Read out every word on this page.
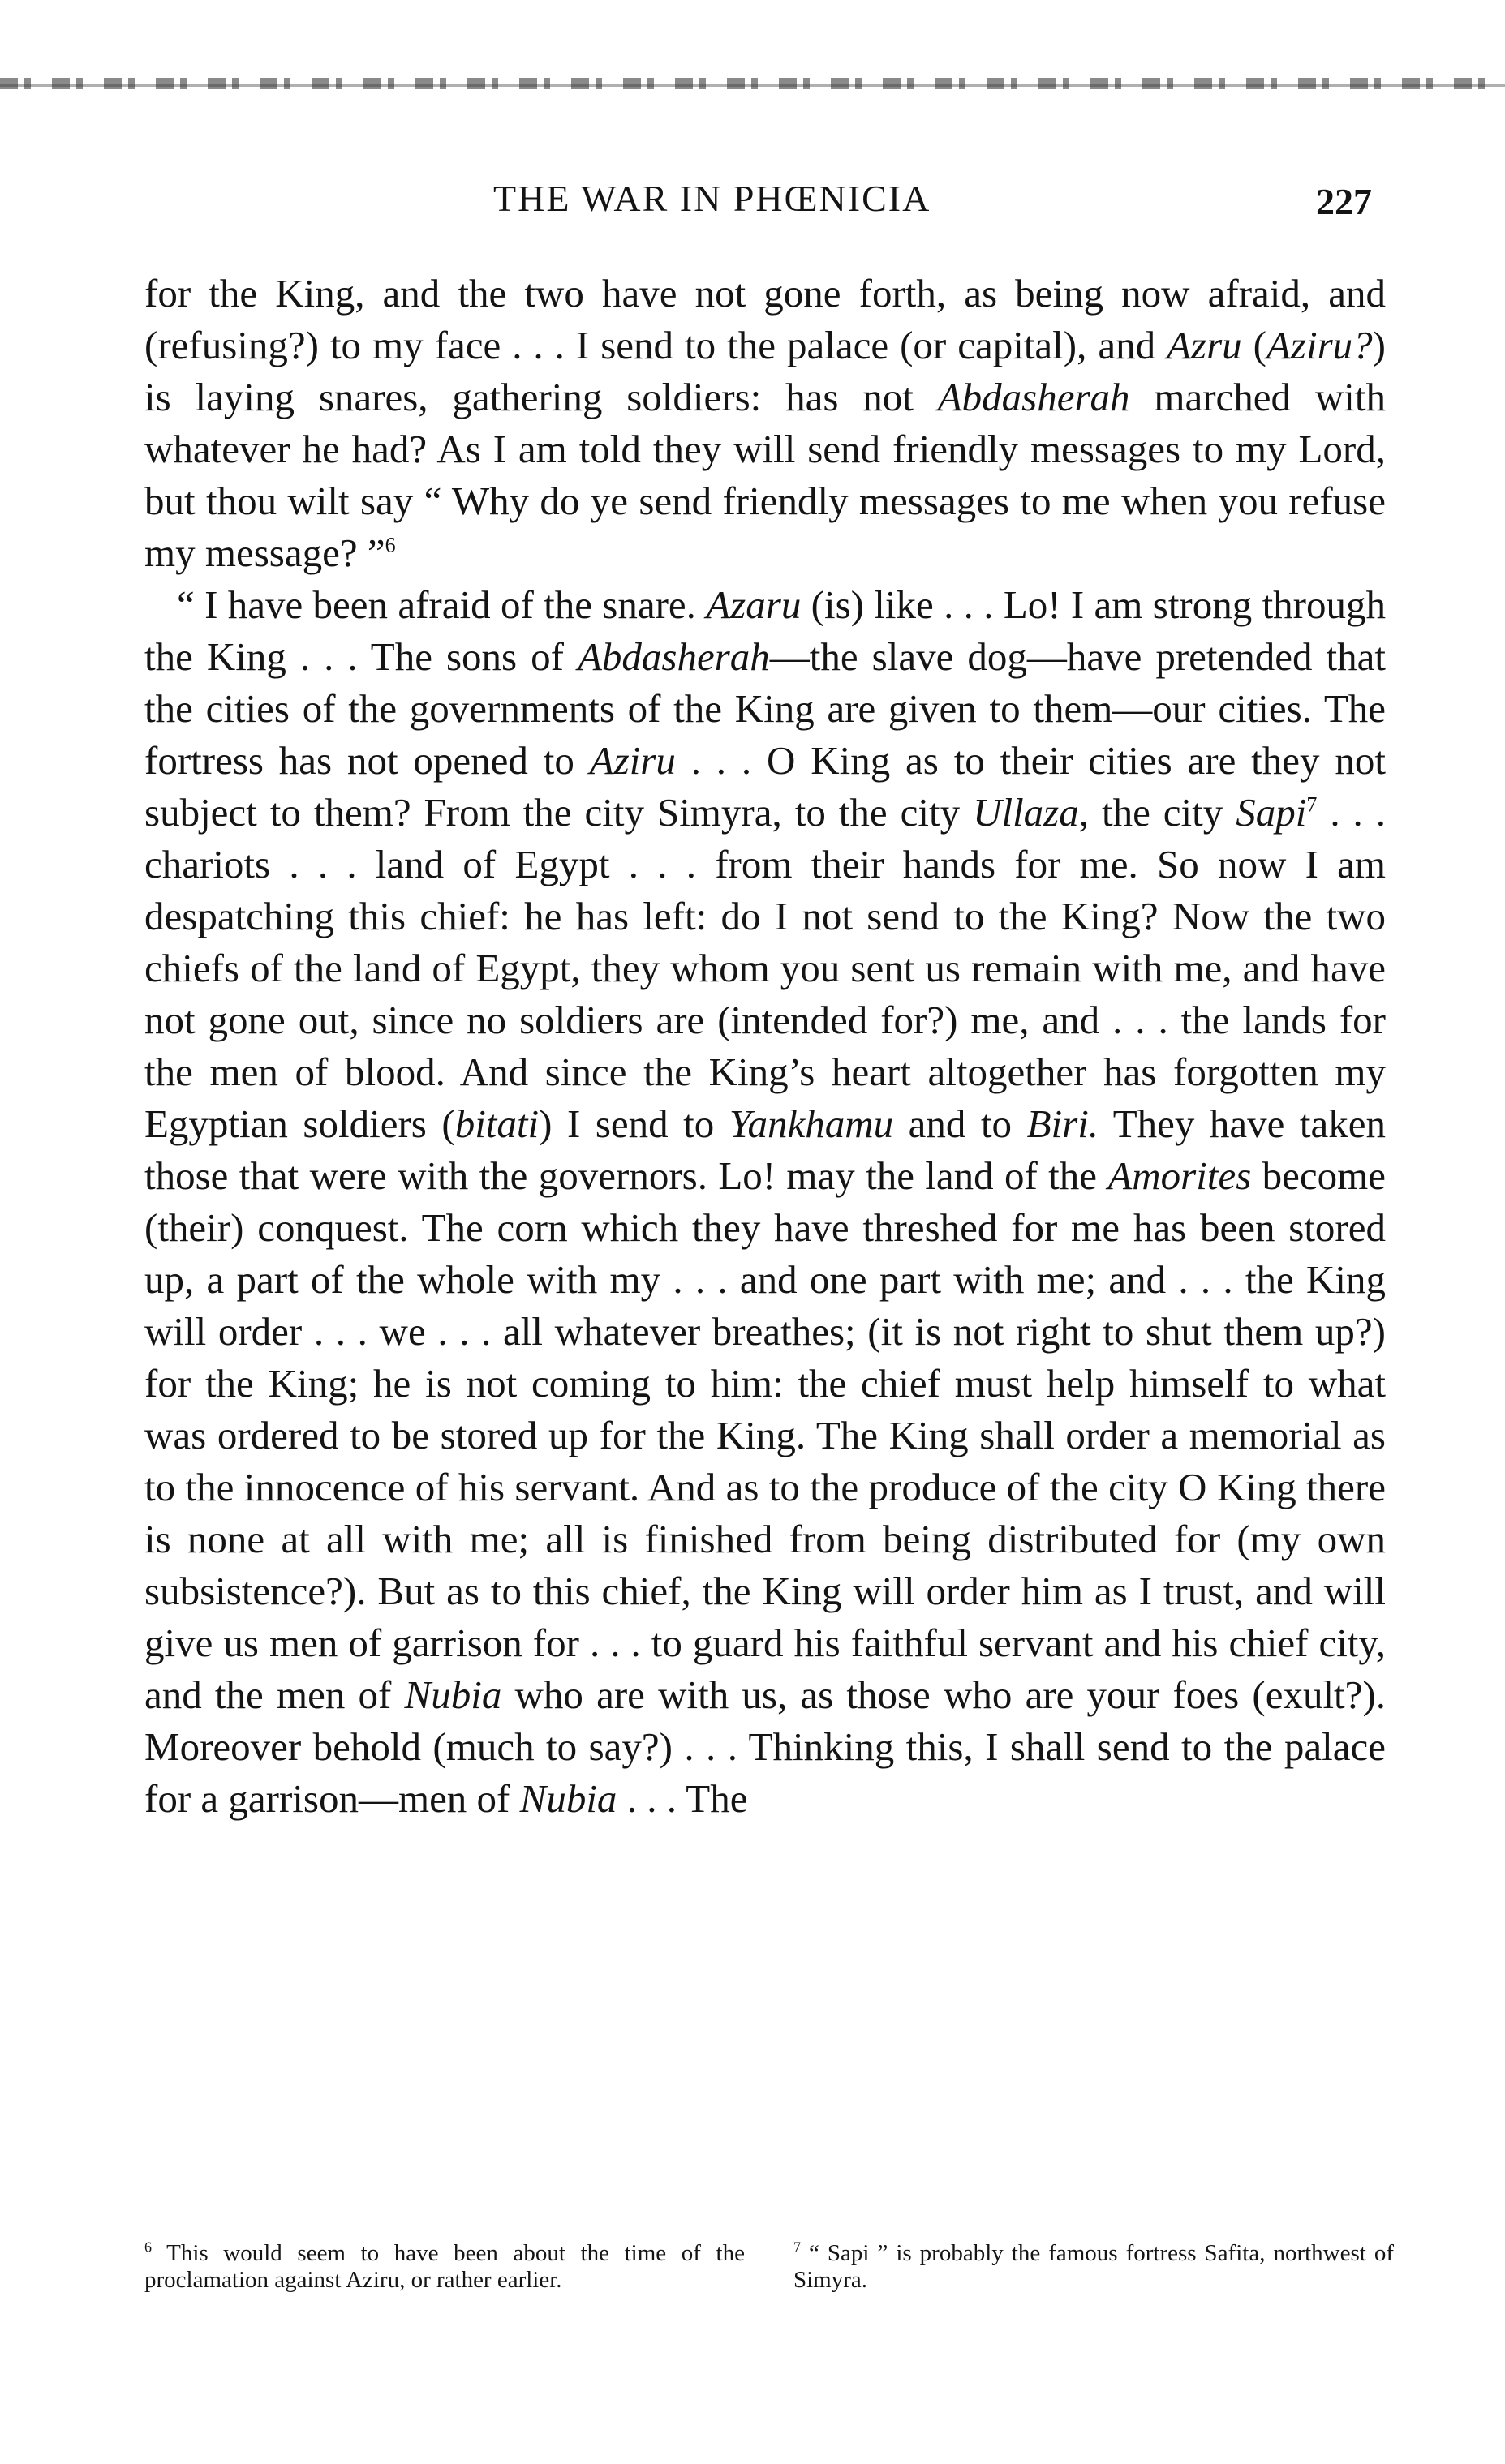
THE WAR IN PHŒNICIA	227

for the King, and the two have not gone forth, as being now afraid, and (refusing?) to my face . . . I send to the palace (or capital), and Azru (Aziru?) is laying snares, gathering soldiers: has not Abdasherah marched with whatever he had? As I am told they will send friendly messages to my Lord, but thou wilt say “ Why do ye send friendly messages to me when you refuse my message? ”$^6$

“ I have been afraid of the snare. Azaru (is) like . . . Lo! I am strong through the King . . . The sons of Abdasherah—the slave dog—have pretended that the cities of the governments of the King are given to them—our cities. The fortress has not opened to Aziru . . . O King as to their cities are they not subject to them? From the city Simyra, to the city Ullaza, the city Sapi$^7$ . . . chariots . . . land of Egypt . . . from their hands for me. So now I am despatching this chief: he has left: do I not send to the King? Now the two chiefs of the land of Egypt, they whom you sent us remain with me, and have not gone out, since no soldiers are (intended for?) me, and . . . the lands for the men of blood. And since the King’s heart altogether has forgotten my Egyptian soldiers (bitati) I send to Yankhamu and to Biri. They have taken those that were with the governors. Lo! may the land of the Amorites become (their) conquest. The corn which they have threshed for me has been stored up, a part of the whole with my . . . and one part with me; and . . . the King will order . . . we . . . all whatever breathes; (it is not right to shut them up?) for the King; he is not coming to him: the chief must help himself to what was ordered to be stored up for the King. The King shall order a memorial as to the innocence of his servant. And as to the produce of the city O King there is none at all with me; all is finished from being distributed for (my own subsistence?). But as to this chief, the King will order him as I trust, and will give us men of garrison for . . . to guard his faithful servant and his chief city, and the men of Nubia who are with us, as those who are your foes (exult?). Moreover behold (much to say?) . . . Thinking this, I shall send to the palace for a garrison—men of Nubia . . . The

$^6$ This would seem to have been about the time of the proclamation against Aziru, or rather earlier.
$^7$ “ Sapi ” is probably the famous fortress Safita, northwest of Simyra.
